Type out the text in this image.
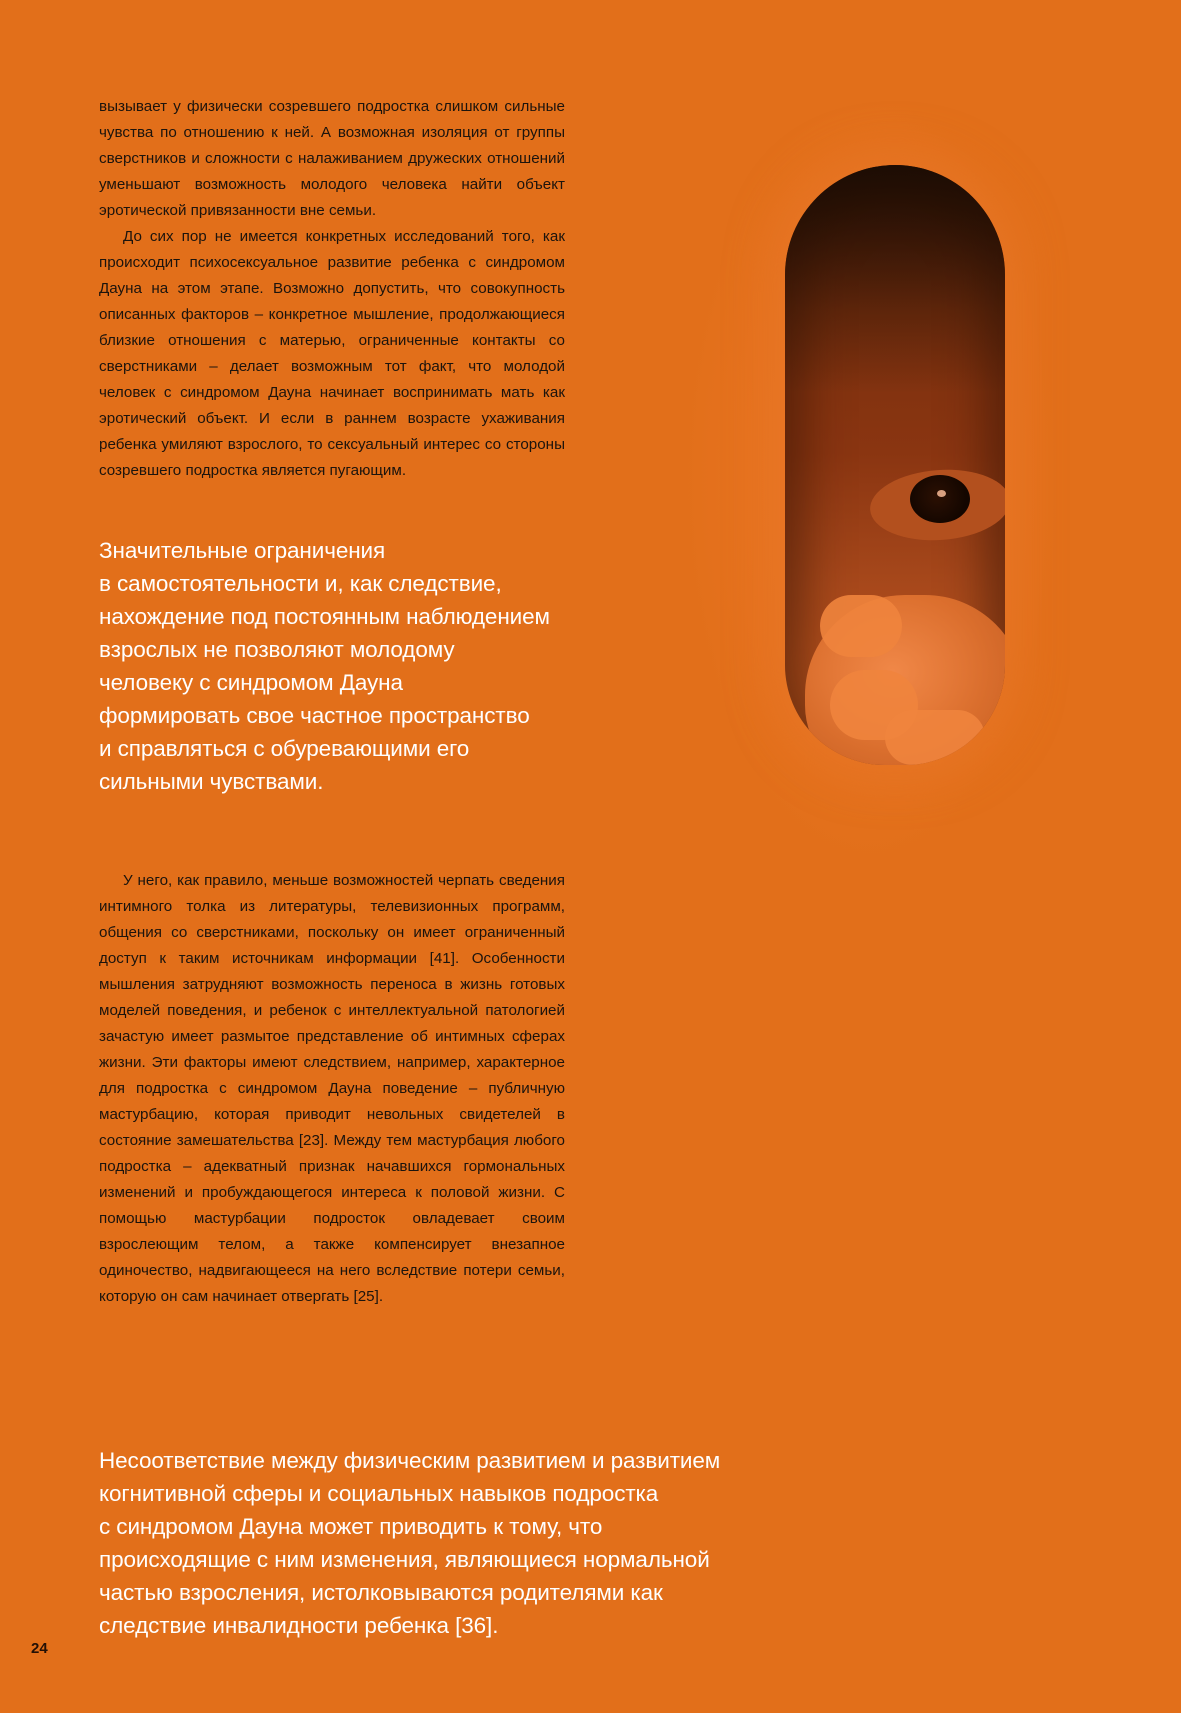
вызывает у физически созревшего подростка слишком сильные чувства по отношению к ней. А возможная изоляция от группы сверстников и сложности с налаживанием дружеских отношений уменьшают возможность молодого человека найти объект эротической привязанности вне семьи.

До сих пор не имеется конкретных исследований того, как происходит психосексуальное развитие ребенка с синдромом Дауна на этом этапе. Возможно допустить, что совокупность описанных факторов – конкретное мышление, продолжающиеся близкие отношения с матерью, ограниченные контакты со сверстниками – делает возможным тот факт, что молодой человек с синдромом Дауна начинает воспринимать мать как эротический объект. И если в раннем возрасте ухаживания ребенка умиляют взрослого, то сексуальный интерес со стороны созревшего подростка является пугающим.

Значительные ограничения
в самостоятельности и, как следствие,
нахождение под постоянным наблюдением
взрослых не позволяют молодому
человеку с синдромом Дауна
формировать свое частное пространство
и справляться с обуревающими его
сильными чувствами.

У него, как правило, меньше возможностей черпать сведения интимного толка из литературы, телевизионных программ, общения со сверстниками, поскольку он имеет ограниченный доступ к таким источникам информации [41]. Особенности мышления затрудняют возможность переноса в жизнь готовых моделей поведения, и ребенок с интеллектуальной патологией зачастую имеет размытое представление об интимных сферах жизни. Эти факторы имеют следствием, например, характерное для подростка с синдромом Дауна поведение – публичную мастурбацию, которая приводит невольных свидетелей в состояние замешательства [23]. Между тем мастурбация любого подростка – адекватный признак начавшихся гормональных изменений и пробуждающегося интереса к половой жизни. С помощью мастурбации подросток овладевает своим взрослеющим телом, а также компенсирует внезапное одиночество, надвигающееся на него вследствие потери семьи, которую он сам начинает отвергать [25].

Несоответствие между физическим развитием и развитием
когнитивной сферы и социальных навыков подростка
с синдромом Дауна может приводить к тому, что
происходящие с ним изменения, являющиеся нормальной
частью взросления, истолковываются родителями как
следствие инвалидности ребенка [36].
24
